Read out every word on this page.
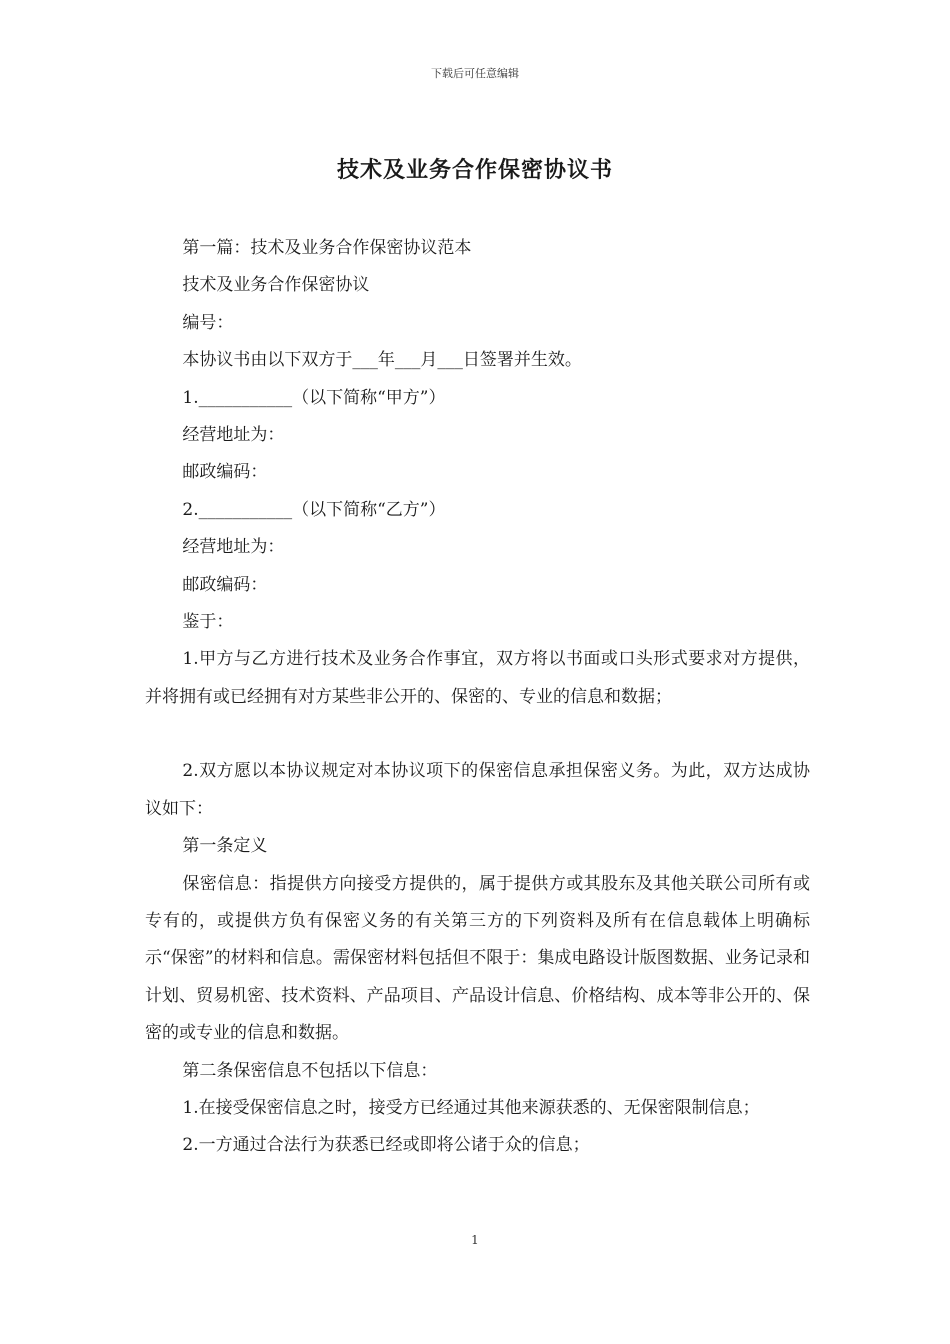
下载后可任意编辑
技术及业务合作保密协议书

第一篇：技术及业务合作保密协议范本

技术及业务合作保密协议

编号：

本协议书由以下双方于___年___月___日签署并生效。

1.___________（以下简称“甲方”）

经营地址为：

邮政编码：

2.___________（以下简称“乙方”）

经营地址为：

邮政编码：

鉴于：

1.甲方与乙方进行技术及业务合作事宜，双方将以书面或口头形式要求对方提供，并将拥有或已经拥有对方某些非公开的、保密的、专业的信息和数据；

2.双方愿以本协议规定对本协议项下的保密信息承担保密义务。为此，双方达成协议如下：

第一条定义

保密信息：指提供方向接受方提供的，属于提供方或其股东及其他关联公司所有或专有的，或提供方负有保密义务的有关第三方的下列资料及所有在信息载体上明确标示“保密”的材料和信息。需保密材料包括但不限于：集成电路设计版图数据、业务记录和计划、贸易机密、技术资料、产品项目、产品设计信息、价格结构、成本等非公开的、保密的或专业的信息和数据。

第二条保密信息不包括以下信息：

1.在接受保密信息之时，接受方已经通过其他来源获悉的、无保密限制信息；

2.一方通过合法行为获悉已经或即将公诸于众的信息；

1
